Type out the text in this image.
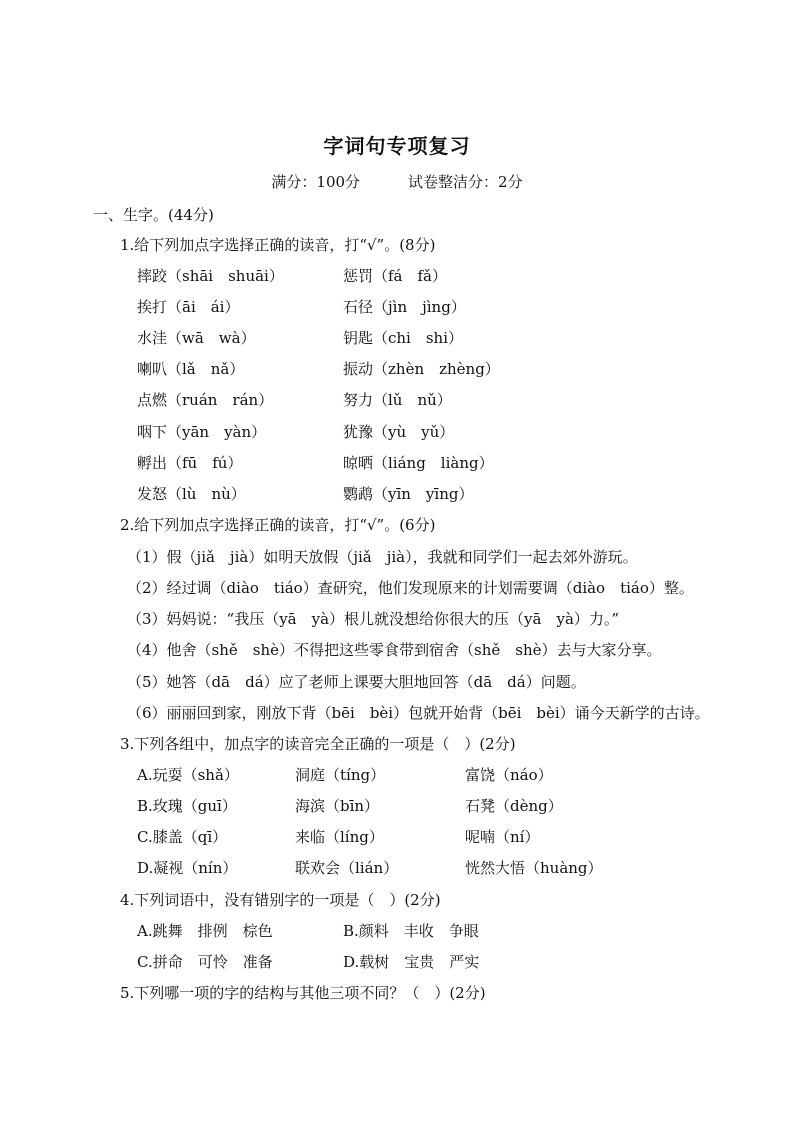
字词句专项复习
满分：100分	试卷整洁分：2分
一、生字。(44分)
1.给下列加点字选择正确的读音，打“√”。(8分)
摔跤（shāi　shuāi）	惩罚（fá　fǎ）
挨打（āi　ái）	石径（jìn　jìng）
水洼（wā　wà）	钥匙（chi　shi）
喇叭（lǎ　nǎ）	振动（zhèn　zhèng）
点燃（ruán　rán）	努力（lǔ　nǔ）
咽下（yān　yàn）	犹豫（yù　yǔ）
孵出（fū　fú）	晾晒（liáng　liàng）
发怒（lù　nù）	鹦鹉（yīn　yīng）
2.给下列加点字选择正确的读音，打“√”。(6分)
（1）假（jiǎ　jià）如明天放假（jiǎ　jià），我就和同学们一起去郊外游玩。
（2）经过调（diào　tiáo）查研究，他们发现原来的计划需要调（diào　tiáo）整。
（3）妈妈说：“我压（yā　yà）根儿就没想给你很大的压（yā　yà）力。”
（4）他舍（shě　shè）不得把这些零食带到宿舍（shě　shè）去与大家分享。
（5）她答（dā　dá）应了老师上课要大胆地回答（dā　dá）问题。
（6）丽丽回到家，刚放下背（bēi　bèi）包就开始背（bēi　bèi）诵今天新学的古诗。
3.下列各组中，加点字的读音完全正确的一项是（　）(2分)
A.玩耍（shǎ）	洞庭（tíng）	富饶（náo）
B.玫瑰（guī）	海滨（bīn）	石凳（dèng）
C.膝盖（qī）	来临（líng）	呢喃（ní）
D.凝视（nín）	联欢会（lián）	恍然大悟（huàng）
4.下列词语中，没有错别字的一项是（　）(2分)
A.跳舞　排例　棕色	B.颜料　丰收　争眼
C.拼命　可怜　准备	D.载树　宝贵　严实
5.下列哪一项的字的结构与其他三项不同？（　）(2分)
